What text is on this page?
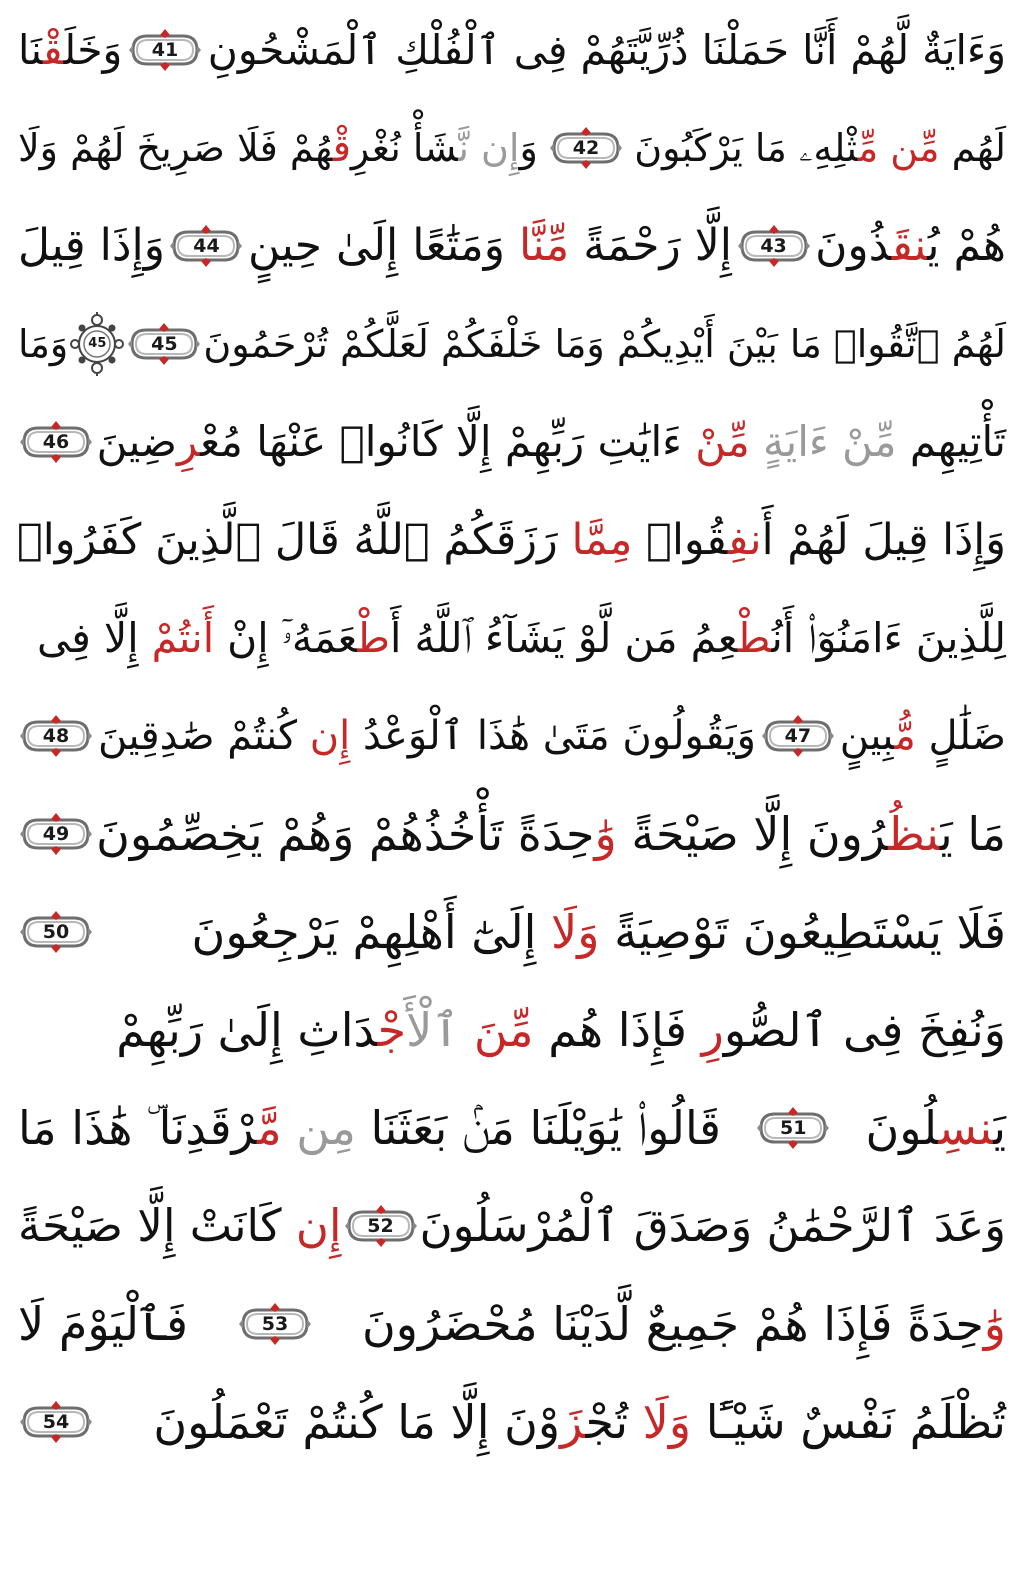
وَءَايَةٌ لَّهُمْ أَنَّا حَمَلْنَا ذُرِّيَّتَهُمْ فِى ٱلْفُلْكِ ٱلْمَشْحُونِ
41
وَخَلَقْنَا
لَهُم مِّن مِّثْلِهِۦ مَا يَرْكَبُونَ
42
وَإِن نَّشَأْ نُغْرِقْهُمْ فَلَا صَرِيخَ لَهُمْ وَلَا
هُمْ يُنقَذُونَ
43
إِلَّا رَحْمَةً مِّنَّا وَمَتَٰعًا إِلَىٰ حِينٍ
44
وَإِذَا قِيلَ
لَهُمُ ٱتَّقُوا۟ مَا بَيْنَ أَيْدِيكُمْ وَمَا خَلْفَكُمْ لَعَلَّكُمْ تُرْحَمُونَ
45
45
وَمَا
تَأْتِيهِم مِّنْ ءَايَةٍ مِّنْ ءَايَٰتِ رَبِّهِمْ إِلَّا كَانُوا۟ عَنْهَا مُعْرِضِينَ
46
وَإِذَا قِيلَ لَهُمْ أَنفِقُوا۟ مِمَّا رَزَقَكُمُ ٱللَّهُ قَالَ ٱلَّذِينَ كَفَرُوا۟
لِلَّذِينَ ءَامَنُوٓا۟ أَنُطْعِمُ مَن لَّوْ يَشَآءُ ٱللَّهُ أَطْعَمَهُۥٓ إِنْ أَنتُمْ إِلَّا فِى
ضَلَٰلٍ مُّبِينٍ
47
وَيَقُولُونَ مَتَىٰ هَٰذَا ٱلْوَعْدُ إِن كُنتُمْ صَٰدِقِينَ
48
مَا يَنظُرُونَ إِلَّا صَيْحَةً وَٰحِدَةً تَأْخُذُهُمْ وَهُمْ يَخِصِّمُونَ
49
فَلَا يَسْتَطِيعُونَ تَوْصِيَةً وَلَا إِلَىٰٓ أَهْلِهِمْ يَرْجِعُونَ
50
وَنُفِخَ فِى ٱلصُّورِ فَإِذَا هُم مِّنَ ٱلْأَجْدَاثِ إِلَىٰ رَبِّهِمْ
يَنسِلُونَ
51
قَالُوا۟ يَٰوَيْلَنَا مَنۢ بَعَثَنَا مِن مَّرْقَدِنَا ۜ هَٰذَا مَا
وَعَدَ ٱلرَّحْمَٰنُ وَصَدَقَ ٱلْمُرْسَلُونَ
52
إِن كَانَتْ إِلَّا صَيْحَةً
وَٰحِدَةً فَإِذَا هُمْ جَمِيعٌ لَّدَيْنَا مُحْضَرُونَ
53
فَٱلْيَوْمَ لَا
تُظْلَمُ نَفْسٌ شَيْـًٔا وَلَا تُجْزَوْنَ إِلَّا مَا كُنتُمْ تَعْمَلُونَ
54
